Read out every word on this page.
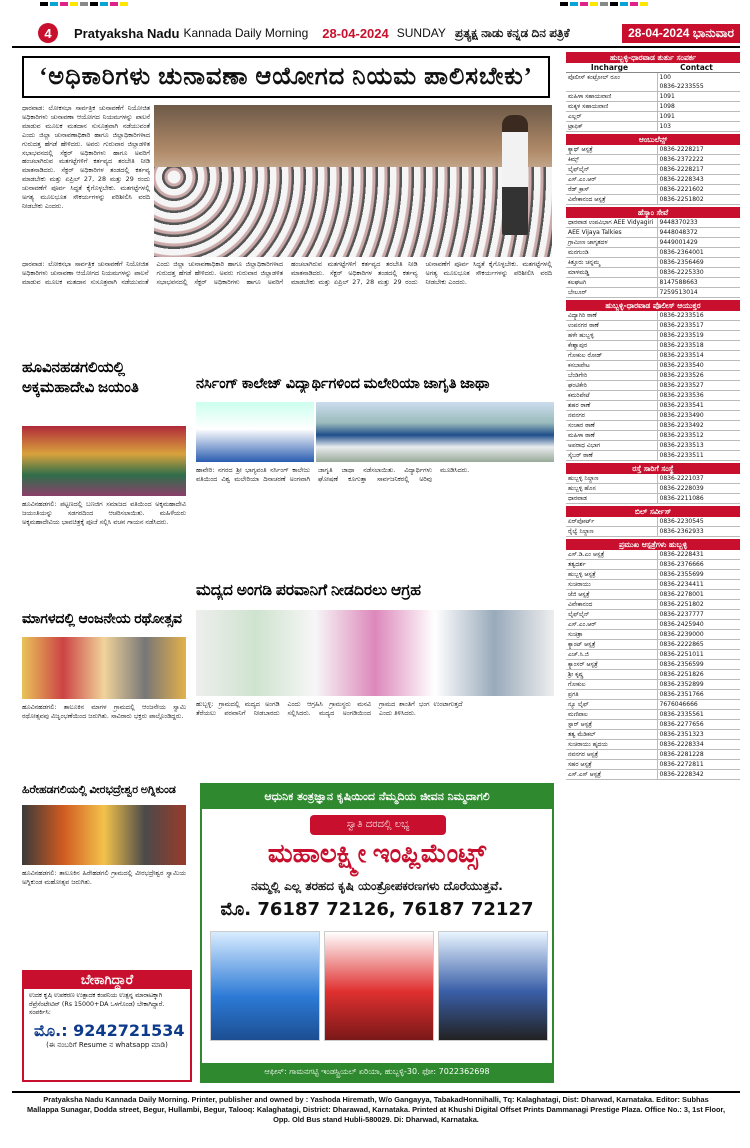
4	Pratyaksha Nadu Kannada Daily Morning 28-04-2024 SUNDAY ಪ್ರತ್ಯಕ್ಷ ನಾಡು ಕನ್ನಡ ದಿನ ಪತ್ರಿಕೆ	28-04-2024 ಭಾನುವಾರ
‘ಅಧಿಕಾರಿಗಳು ಚುನಾವಣಾ ಆಯೋಗದ ನಿಯಮ ಪಾಲಿಸಬೇಕು’
ಧಾರವಾಡ: ಲೋಕಸಭಾ ಸಾರ್ವತ್ರಿಕ ಚುನಾವಣೆಗೆ ನಿಯೋಜಿತ ಅಧಿಕಾರಿಗಳು ಚುನಾವಣಾ ಆಯೋಗದ ನಿಯಮಗಳನ್ನು ಪಾಲನೆ ಮಾಡುವ ಮೂಲಕ ಮತದಾನ ಸುಸೂತ್ರವಾಗಿ ನಡೆಯುವಂತೆ ಎಂದು ಜಿಲ್ಲಾ ಚುನಾವಣಾಧಿಕಾರಿ ಹಾಗೂ ಜಿಲ್ಲಾಧಿಕಾರಿಗಳಾದ ಗುರುದತ್ತ ಹೆಗಡೆ ಹೇಳಿದರು. ಅವರು ಗುರುವಾರ ಜಿಲ್ಲಾಡಳಿತ ಸಭಾಭವನದಲ್ಲಿ ಸೆಕ್ಟರ್ ಅಧಿಕಾರಿಗಳು ಹಾಗೂ ಅವರಿಗೆ ಹಂಚಲಾಗಿರುವ ಮತಗಟ್ಟೆಗಳಿಗೆ ಕರ್ತವ್ಯದ ತರಬೇತಿ ನೀಡಿ ಮಾತನಾಡಿದರು. ಸೆಕ್ಟರ್ ಅಧಿಕಾರಿಗಳ ತಂಡದಲ್ಲಿ ಕರ್ತವ್ಯ ಮಾಡಬೇಕು ಮತ್ತು ಏಪ್ರಿಲ್ 27, 28 ಮತ್ತು 29 ರಂದು ಚುನಾವಣೆಗೆ ಪೂರ್ವ ಸಿದ್ಧತೆ ಕೈಗೊಳ್ಳಬೇಕು. ಮತಗಟ್ಟೆಗಳಲ್ಲಿ ಅಗತ್ಯ ಮೂಲಭೂತ ಸೌಕರ್ಯಗಳನ್ನು ಪರಿಶೀಲಿಸಿ ವರದಿ ನೀಡಬೇಕು ಎಂದರು.
ಧಾರವಾಡ: ಲೋಕಸಭಾ ಸಾರ್ವತ್ರಿಕ ಚುನಾವಣೆಗೆ ನಿಯೋಜಿತ ಅಧಿಕಾರಿಗಳು ಚುನಾವಣಾ ಆಯೋಗದ ನಿಯಮಗಳನ್ನು ಪಾಲನೆ ಮಾಡುವ ಮೂಲಕ ಮತದಾನ ಸುಸೂತ್ರವಾಗಿ ನಡೆಯುವಂತೆ ಎಂದು ಜಿಲ್ಲಾ ಚುನಾವಣಾಧಿಕಾರಿ ಹಾಗೂ ಜಿಲ್ಲಾಧಿಕಾರಿಗಳಾದ ಗುರುದತ್ತ ಹೆಗಡೆ ಹೇಳಿದರು. ಅವರು ಗುರುವಾರ ಜಿಲ್ಲಾಡಳಿತ ಸಭಾಭವನದಲ್ಲಿ ಸೆಕ್ಟರ್ ಅಧಿಕಾರಿಗಳು ಹಾಗೂ ಅವರಿಗೆ ಹಂಚಲಾಗಿರುವ ಮತಗಟ್ಟೆಗಳಿಗೆ ಕರ್ತವ್ಯದ ತರಬೇತಿ ನೀಡಿ ಮಾತನಾಡಿದರು. ಸೆಕ್ಟರ್ ಅಧಿಕಾರಿಗಳ ತಂಡದಲ್ಲಿ ಕರ್ತವ್ಯ ಮಾಡಬೇಕು ಮತ್ತು ಏಪ್ರಿಲ್ 27, 28 ಮತ್ತು 29 ರಂದು ಚುನಾವಣೆಗೆ ಪೂರ್ವ ಸಿದ್ಧತೆ ಕೈಗೊಳ್ಳಬೇಕು. ಮತಗಟ್ಟೆಗಳಲ್ಲಿ ಅಗತ್ಯ ಮೂಲಭೂತ ಸೌಕರ್ಯಗಳನ್ನು ಪರಿಶೀಲಿಸಿ ವರದಿ ನೀಡಬೇಕು ಎಂದರು.
ಹೂವಿನಹಡಗಲಿಯಲ್ಲಿ ಅಕ್ಕಮಹಾದೇವಿ ಜಯಂತಿ
ಹೂವಿನಹಡಗಲಿ: ಪಟ್ಟಣದಲ್ಲಿ ಬಣಜಿಗ ಸಮಾಜದ ವತಿಯಿಂದ ಅಕ್ಕಮಹಾದೇವಿ ಜಯಂತಿಯನ್ನು ಸಡಗರದಿಂದ ಆಚರಿಸಲಾಯಿತು. ಮಹಿಳೆಯರು ಅಕ್ಕಮಹಾದೇವಿಯ ಭಾವಚಿತ್ರಕ್ಕೆ ಪೂಜೆ ಸಲ್ಲಿಸಿ ವಚನ ಗಾಯನ ನಡೆಸಿದರು.
ಮಾಗಳದಲ್ಲಿ ಆಂಜನೇಯ ರಥೋತ್ಸವ
ಹೂವಿನಹಡಗಲಿ: ತಾಲೂಕಿನ ಮಾಗಳ ಗ್ರಾಮದಲ್ಲಿ ಆಂಜನೇಯ ಸ್ವಾಮಿ ರಥೋತ್ಸವವು ವಿಜೃಂಭಣೆಯಿಂದ ಜರುಗಿತು. ಸಾವಿರಾರು ಭಕ್ತರು ಪಾಲ್ಗೊಂಡಿದ್ದರು.
ಹಿರೇಹಡಗಲಿಯಲ್ಲಿ ವೀರಭದ್ರೇಶ್ವರ ಅಗ್ನಿಕುಂಡ
ಹೂವಿನಹಡಗಲಿ: ತಾಲೂಕಿನ ಹಿರೇಹಡಗಲಿ ಗ್ರಾಮದಲ್ಲಿ ವೀರಭದ್ರೇಶ್ವರ ಸ್ವಾಮಿಯ ಅಗ್ನಿಕುಂಡ ಮಹೋತ್ಸವ ಜರುಗಿತು.
ನರ್ಸಿಂಗ್ ಕಾಲೇಜ್ ವಿದ್ಯಾರ್ಥಿಗಳಿಂದ ಮಲೇರಿಯಾ ಜಾಗೃತಿ ಜಾಥಾ
ಹಾವೇರಿ: ನಗರದ ಶ್ರೀ ಭಾಗ್ಯವಂತಿ ನರ್ಸಿಂಗ್ ಕಾಲೇಜು ವತಿಯಿಂದ ವಿಶ್ವ ಮಲೇರಿಯಾ ದಿನಾಚರಣೆ ಅಂಗವಾಗಿ ಜಾಗೃತಿ ಜಾಥಾ ನಡೆಸಲಾಯಿತು. ವಿದ್ಯಾರ್ಥಿಗಳು ಘೋಷಣೆ ಕೂಗುತ್ತಾ ಸಾರ್ವಜನಿಕರಲ್ಲಿ ಅರಿವು ಮೂಡಿಸಿದರು.
ಮದ್ಯದ ಅಂಗಡಿ ಪರವಾನಿಗೆ ನೀಡದಿರಲು ಆಗ್ರಹ
ಹುಬ್ಬಳ್ಳಿ: ಗ್ರಾಮದಲ್ಲಿ ಮದ್ಯದ ಅಂಗಡಿ ತೆರೆಯಲು ಪರವಾನಿಗೆ ನೀಡಬಾರದು ಎಂದು ಆಗ್ರಹಿಸಿ ಗ್ರಾಮಸ್ಥರು ಮನವಿ ಸಲ್ಲಿಸಿದರು. ಮದ್ಯದ ಅಂಗಡಿಯಿಂದ ಗ್ರಾಮದ ಶಾಂತಿಗೆ ಭಂಗ ಉಂಟಾಗುತ್ತದೆ ಎಂದು ತಿಳಿಸಿದರು.
ಬೇಕಾಗಿದ್ದಾರೆ
ಉದಕ ಕೃಷಿ ಉಪಕರಣ ಉತ್ಪಾದಕ ಕಂಪನಿಯ ಉತ್ಪನ್ನ ಮಾರಾಟಕ್ಕಾಗಿ ರೆಪ್ರೆಸೆಂಟೇಟಿವ್ (Rs 15000+DA ಒಳಗೊಂಡ) ಬೇಕಾಗಿದ್ದಾರೆ. ಸಂಪರ್ಕಿಸಿ:
ಮೊ.: 9242721534
(ಈ ನಂಬರಿಗೆ Resume ನ whatsapp ಮಾಡಿ)
ಆಧುನಿಕ ತಂತ್ರಜ್ಞಾನ ಕೃಷಿಯಿಂದ ನೆಮ್ಮದಿಯ ಜೀವನ ನಿಮ್ಮದಾಗಲಿ
ಸ್ವಾತಿ ದರದಲ್ಲಿ ಲಭ್ಯ
ಮಹಾಲಕ್ಷ್ಮೀ ಇಂಪ್ಲಿಮೆಂಟ್ಸ್
ನಮ್ಮಲ್ಲಿ ಎಲ್ಲ ತರಹದ ಕೃಷಿ ಯಂತ್ರೋಪಕರಣಗಳು ದೊರೆಯುತ್ತವೆ.
ಮೊ. 76187 72126, 76187 72127
ಆಫೀಸ್: ಗಾಮನಗಟ್ಟಿ ಇಂಡಸ್ಟ್ರಿಯಲ್ ಏರಿಯಾ, ಹುಬ್ಬಳ್ಳಿ-30. ಫೋ: 7022362698
ಹುಬ್ಬಳ್ಳಿ-ಧಾರವಾಡ ತುರ್ತು ಸಂಪರ್ಕ
Incharge	Contact
ಪೊಲೀಸ್ ಕಂಟ್ರೋಲ್ ರೂಂ	100
0836-2233555
ಮಹಿಳಾ ಸಹಾಯವಾಣಿ	1091
ಮಕ್ಕಳ ಸಹಾಯವಾಣಿ	1098
ಎಲ್ಲರ್	1091
ಟ್ರಾಫಿಕ್	103
ಆಂಬುಲೆನ್ಸ್
ಕ್ಯಾಥ್ ಆಸ್ಪತ್ರೆ	0836-2228217
ಕಿಮ್ಸ್	0836-2372222
ಲೈಫ್‌ಲೈನ್	0836-2228217
ಎಸ್.ಎಂ.ಆರ್	0836-2228343
ರೆಡ್ ಕ್ರಾಸ್	0836-2221602
ವಿವೇಕಾನಂದ ಆಸ್ಪತ್ರೆ	0836-2251802
ಹೆಸ್ಕಾಂ ಸೇವೆ
ಧಾರವಾಡ ಉಪವಿಭಾಗ AEE Vidyagiri	9448370233
AEE Vijaya Talkies	9448048372
ಗ್ರಾಮೀಣ ಜಾಗೃತದಳ	9449001429
ಮನಗುಂಡಿ	0836-2364001
ಕಿತ್ತೂರು ಚನ್ನಮ್ಮ	0836-2356469
ಮಾಳಮಡ್ಡಿ	0836-2225330
ಕಲಘಟಗಿ	8147588663
ಬೇಲೂರ್	7259513014
ಹುಬ್ಬಳ್ಳಿ-ಧಾರವಾಡ ಪೊಲೀಸ್ ಆಯುಕ್ತರ
ವಿದ್ಯಾಗಿರಿ ಠಾಣೆ	0836-2233516
ಉಪನಗರ ಠಾಣೆ	0836-2233517
ಹಳೇ ಹುಬ್ಬಳ್ಳಿ	0836-2233519
ಕೇಶ್ವಾಪುರ	0836-2233518
ಗೋಕುಲ ರೋಡ್	0836-2233514
ಕಸಬಾಪೇಟ	0836-2233540
ಬೆಂಡಿಗೇರಿ	0836-2233526
ಘಂಟಿಕೇರಿ	0836-2233527
ಕಮರಿಪೇಟೆ	0836-2233536
ಶಹರ ಠಾಣೆ	0836-2233541
ನವನಗರ	0836-2233490
ಸಂಚಾರ ಠಾಣೆ	0836-2233492
ಮಹಿಳಾ ಠಾಣೆ	0836-2233512
ಅಪರಾಧ ವಿಭಾಗ	0836-2233513
ಸೈಬರ್ ಠಾಣೆ	0836-2233511
ರಸ್ತೆ ಸಾರಿಗೆ ಸಂಸ್ಥೆ
ಹುಬ್ಬಳ್ಳಿ ನಿಲ್ದಾಣ	0836-2221037
ಹುಬ್ಬಳ್ಳಿ ಹೊಸ	0836-2228039
ಧಾರವಾಡ	0836-2211086
ಬಿಲ್ ಸರ್ವೀಸ್
ಏರ್‌ಪೋರ್ಟ್	0836-2230545
ರೈಲ್ವೆ ನಿಲ್ದಾಣ	0836-2362933
ಪ್ರಮುಖ ಆಸ್ಪತ್ರೆಗಳು ಹುಬ್ಬಳ್ಳಿ
ಎಸ್.ಡಿ.ಎಂ ಆಸ್ಪತ್ರೆ	0836-2228431
ತತ್ವದರ್ಶ	0836-2376666
ಹುಬ್ಬಳ್ಳಿ ಆಸ್ಪತ್ರೆ	0836-2355699
ಸುಚಿರಾಯು	0836-2234411
ಜೆಜಿ ಆಸ್ಪತ್ರೆ	0836-2278001
ವಿವೇಕಾನಂದ	0836-2251802
ಲೈಫ್‌ಲೈನ್	0836-2237777
ಎಸ್.ಎಂ.ಆರ್	0836-2425940
ಸುಚಿತ್ರಾ	0836-2239000
ಕ್ಯಾಂಟ್ ಆಸ್ಪತ್ರೆ	0836-2222865
ಎಚ್.ಸಿ.ಜಿ	0836-2251011
ಕ್ಯಾಂಸರ್ ಆಸ್ಪತ್ರೆ	0836-2356599
ಶ್ರೀ ಕೃಷ್ಣ	0836-2251826
ಗೋಕುಲ	0836-2352899
ಪ್ರಗತಿ	0836-2351766
ನ್ಯೂ ಲೈಫ್	7676046666
ಮಣಿಪಾಲ	0836-2335561
ಸ್ಟಾರ್ ಆಸ್ಪತ್ರೆ	0836-2277656
ತತ್ವ ಮೆಡಿಕಲ್	0836-2351323
ಸುಚಿರಾಯು ಹೃದಯ	0836-2228334
ನವನಗರ ಆಸ್ಪತ್ರೆ	0836-2281228
ಸಹರ ಆಸ್ಪತ್ರೆ	0836-2272811
ಎಸ್.ಎಸ್ ಆಸ್ಪತ್ರೆ	0836-2228342
Pratyaksha Nadu Kannada Daily Morning. Printer, publisher and owned by : Yashoda Hiremath, W/o Gangayya, TabakadHonnihalli, Tq: Kalaghatagi, Dist: Dharwad, Karnataka. Editor: Subhas
Mallappa Sunagar, Dodda street, Begur, Hullambi, Begur, Talooq: Kalaghatagi, District: Dharawad, Karnataka. Printed at Khushi Digital Offset Prints Dammanagi Prestige Plaza. Office No.: 3, 1st Floor,
Opp. Old Bus stand Hubli-580029. Di: Dharwad, Karnataka.
